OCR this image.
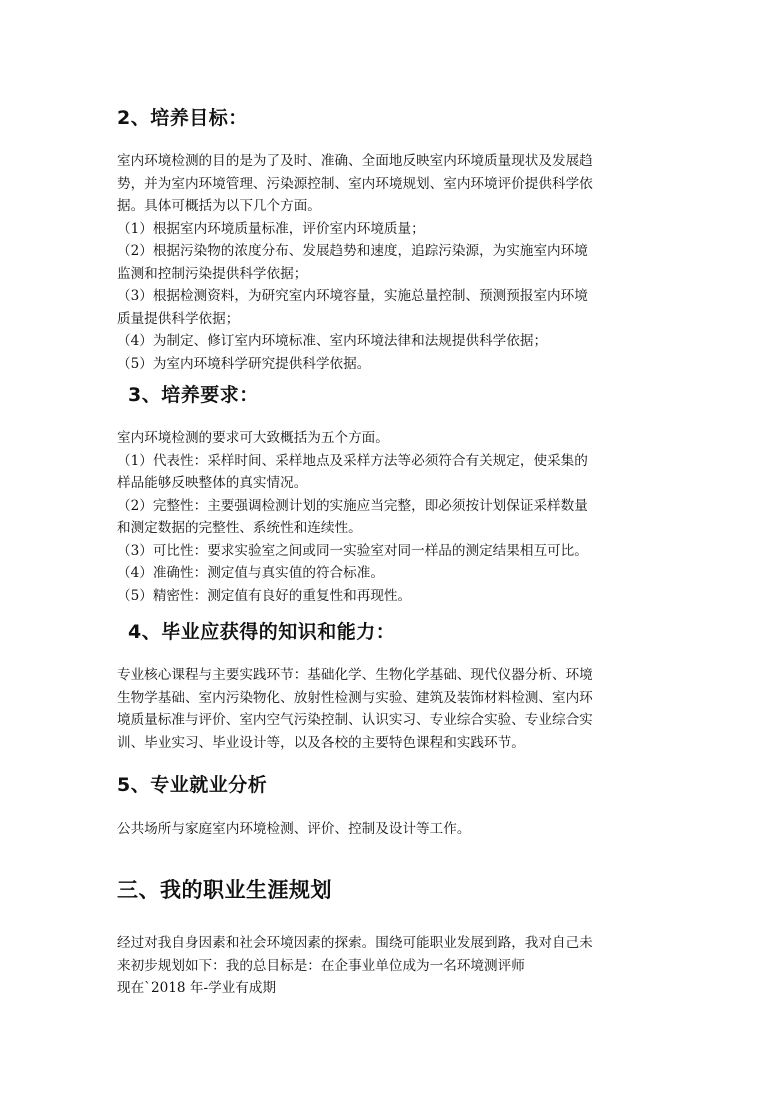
2、培养目标：
室内环境检测的目的是为了及时、准确、全面地反映室内环境质量现状及发展趋
势，并为室内环境管理、污染源控制、室内环境规划、室内环境评价提供科学依
据。具体可概括为以下几个方面。
（1）根据室内环境质量标准，评价室内环境质量；
（2）根据污染物的浓度分布、发展趋势和速度，追踪污染源，为实施室内环境
监测和控制污染提供科学依据；
（3）根据检测资料，为研究室内环境容量，实施总量控制、预测预报室内环境
质量提供科学依据；
（4）为制定、修订室内环境标准、室内环境法律和法规提供科学依据；
（5）为室内环境科学研究提供科学依据。
3、培养要求：
室内环境检测的要求可大致概括为五个方面。
（1）代表性：采样时间、采样地点及采样方法等必须符合有关规定，使采集的
样品能够反映整体的真实情况。
（2）完整性：主要强调检测计划的实施应当完整，即必须按计划保证采样数量
和测定数据的完整性、系统性和连续性。
（3）可比性：要求实验室之间或同一实验室对同一样品的测定结果相互可比。
（4）准确性：测定值与真实值的符合标准。
（5）精密性：测定值有良好的重复性和再现性。
4、毕业应获得的知识和能力：
专业核心课程与主要实践环节：基础化学、生物化学基础、现代仪器分析、环境
生物学基础、室内污染物化、放射性检测与实验、建筑及装饰材料检测、室内环
境质量标准与评价、室内空气污染控制、认识实习、专业综合实验、专业综合实
训、毕业实习、毕业设计等，以及各校的主要特色课程和实践环节。
5、专业就业分析
公共场所与家庭室内环境检测、评价、控制及设计等工作。
三、我的职业生涯规划
经过对我自身因素和社会环境因素的探索。围绕可能职业发展到路，我对自己未
来初步规划如下：我的总目标是：在企事业单位成为一名环境测评师
现在`2018 年-学业有成期
